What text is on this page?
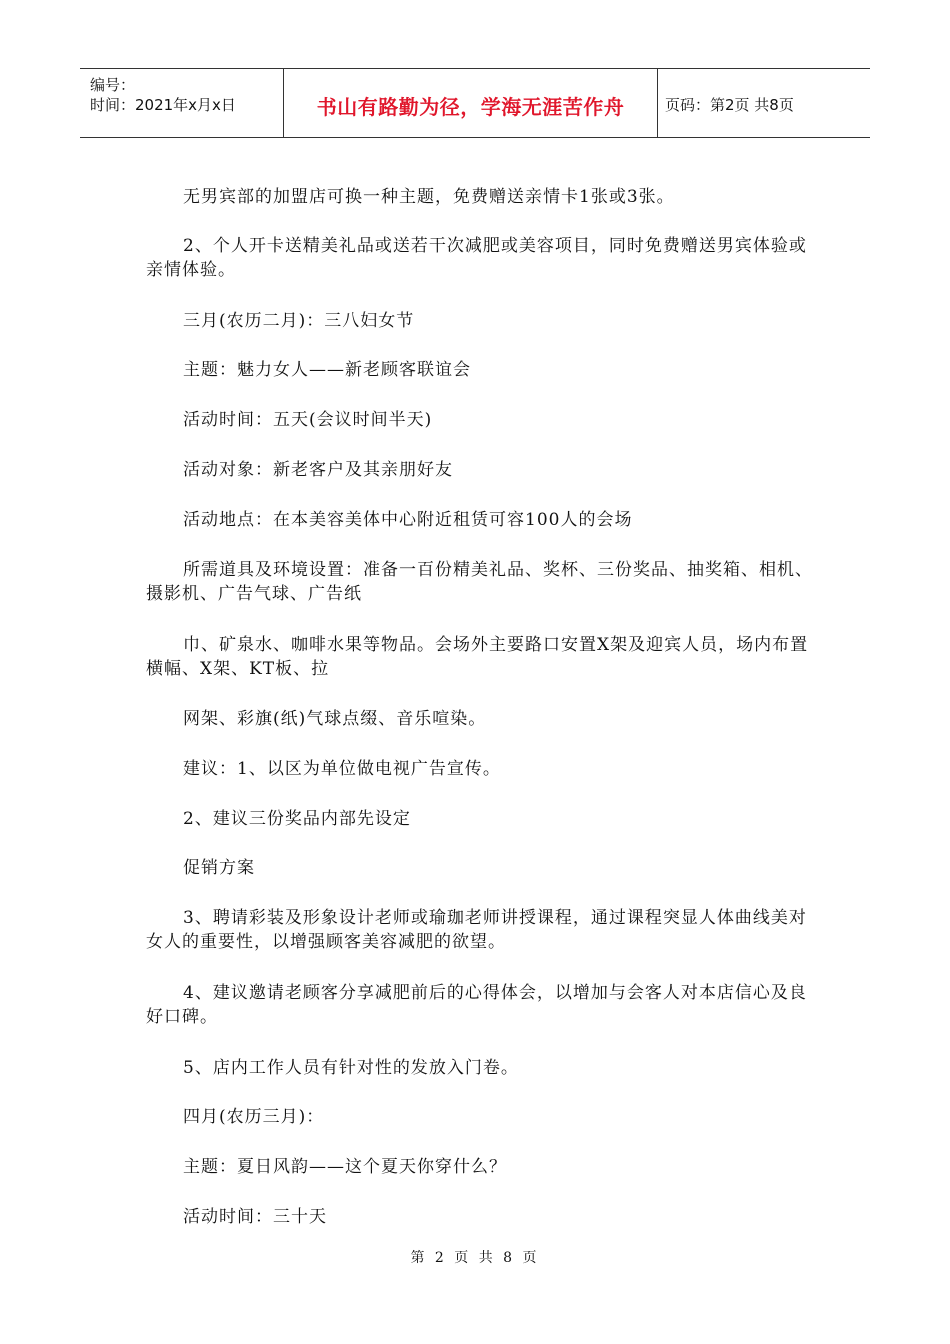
编号：
时间：2021年x月x日	书山有路勤为径，学海无涯苦作舟	页码：第2页 共8页

无男宾部的加盟店可换一种主题，免费赠送亲情卡1张或3张。

2、个人开卡送精美礼品或送若干次减肥或美容项目，同时免费赠送男宾体验或亲情体验。

三月(农历二月)：三八妇女节

主题：魅力女人——新老顾客联谊会

活动时间：五天(会议时间半天)

活动对象：新老客户及其亲朋好友

活动地点：在本美容美体中心附近租赁可容100人的会场

所需道具及环境设置：准备一百份精美礼品、奖杯、三份奖品、抽奖箱、相机、摄影机、广告气球、广告纸

巾、矿泉水、咖啡水果等物品。会场外主要路口安置X架及迎宾人员，场内布置横幅、X架、KT板、拉

网架、彩旗(纸)气球点缀、音乐喧染。

建议：1、以区为单位做电视广告宣传。

2、建议三份奖品内部先设定

促销方案

3、聘请彩装及形象设计老师或瑜珈老师讲授课程，通过课程突显人体曲线美对女人的重要性，以增强顾客美容减肥的欲望。

4、建议邀请老顾客分享减肥前后的心得体会，以增加与会客人对本店信心及良好口碑。

5、店内工作人员有针对性的发放入门卷。

四月(农历三月)：

主题：夏日风韵——这个夏天你穿什么？

活动时间：三十天

第 2 页 共 8 页
